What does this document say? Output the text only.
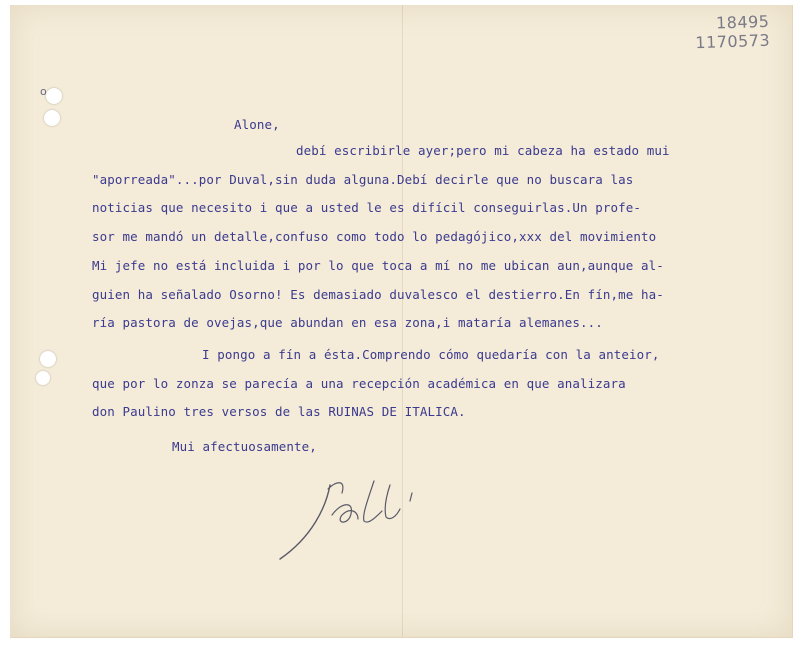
o
18495
1170573
Alone,
debí escribirle ayer;pero mi cabeza ha estado mui
"aporreada"...por Duval,sin duda alguna.Debí decirle que no buscara las
noticias que necesito i que a usted le es difícil conseguirlas.Un profe-
sor me mandó un detalle,confuso como todo lo pedagójico,xxx del movimiento
Mi jefe no está incluida i por lo que toca a mí no me ubican aun,aunque al-
guien ha señalado Osorno! Es demasiado duvalesco el destierro.En fín,me ha-
ría pastora de ovejas,que abundan en esa zona,i mataría alemanes...
I pongo a fín a ésta.Comprendo cómo quedaría con la anteior,
que por lo zonza se parecía a una recepción académica en que analizara
don Paulino tres versos de las RUINAS DE ITALICA.
Mui afectuosamente,
